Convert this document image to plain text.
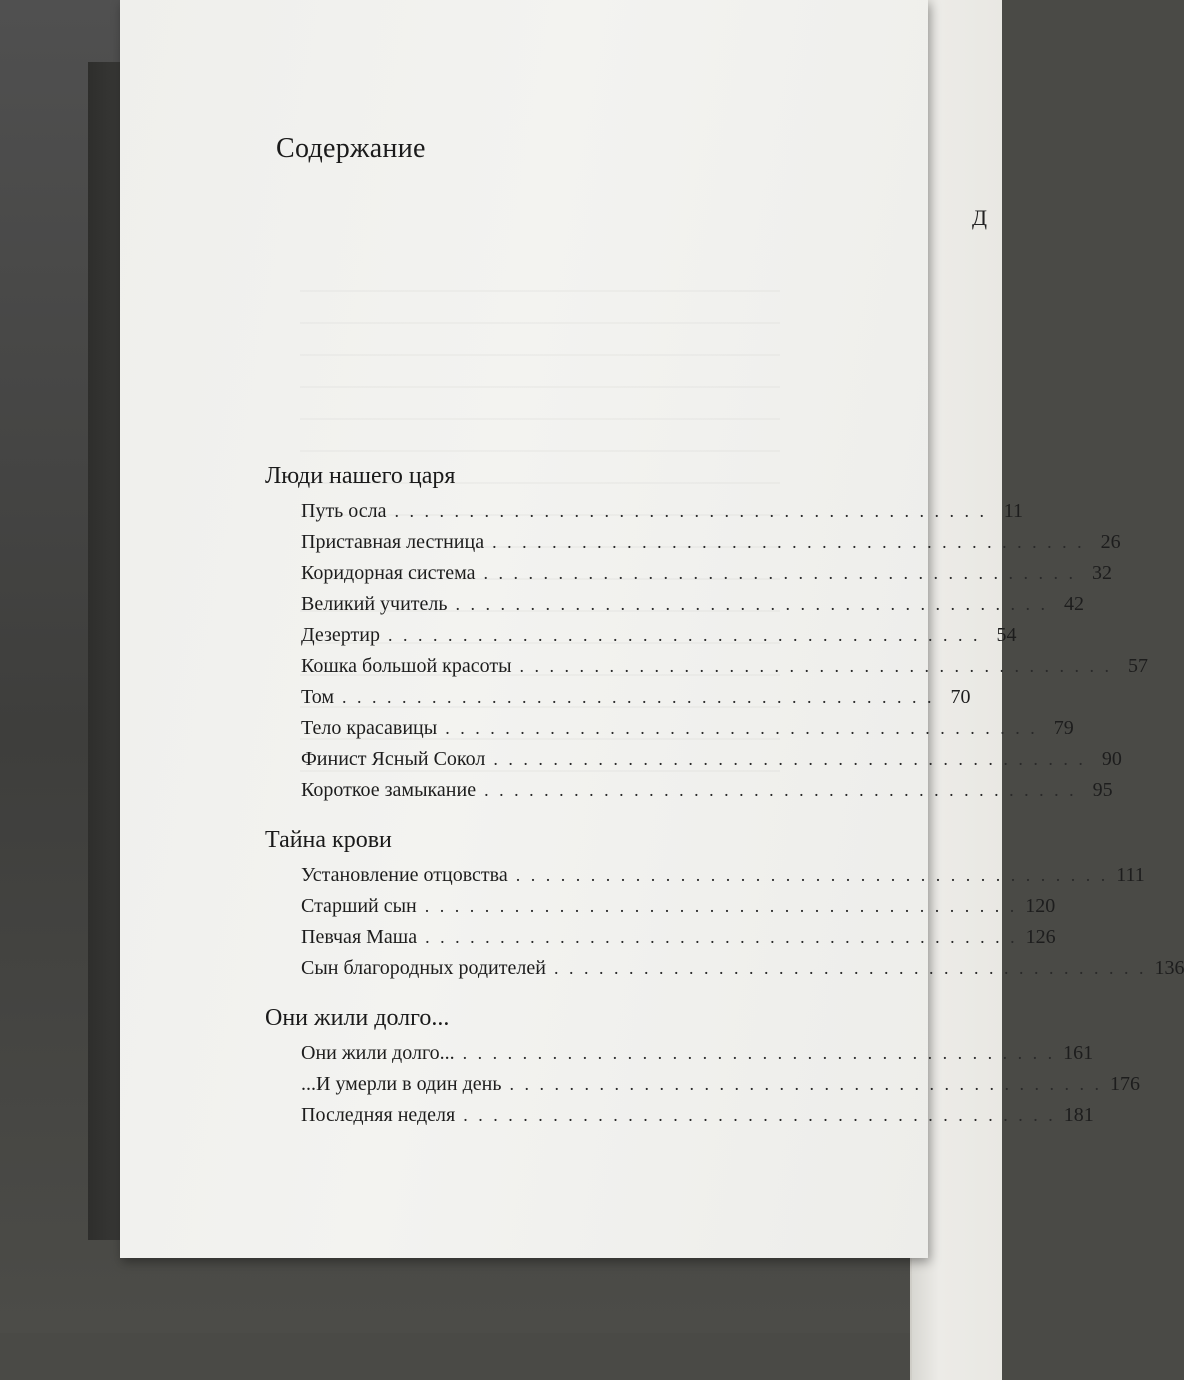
Д
Содержание
Люди нашего царя
Путь осла . . . . . . . . . . . . . . . . . . . . . . . . . . . . . . . . . . . . . . . . 11
Приставная лестница . . . . . . . . . . . . . . . . . . . . . . . . . . . . . . . . . . . . . . . . 26
Коридорная система . . . . . . . . . . . . . . . . . . . . . . . . . . . . . . . . . . . . . . . . 32
Великий учитель . . . . . . . . . . . . . . . . . . . . . . . . . . . . . . . . . . . . . . . . 42
Дезертир . . . . . . . . . . . . . . . . . . . . . . . . . . . . . . . . . . . . . . . . 54
Кошка большой красоты . . . . . . . . . . . . . . . . . . . . . . . . . . . . . . . . . . . . . . . . 57
Том . . . . . . . . . . . . . . . . . . . . . . . . . . . . . . . . . . . . . . . . 70
Тело красавицы . . . . . . . . . . . . . . . . . . . . . . . . . . . . . . . . . . . . . . . . 79
Финист Ясный Сокол . . . . . . . . . . . . . . . . . . . . . . . . . . . . . . . . . . . . . . . . 90
Короткое замыкание . . . . . . . . . . . . . . . . . . . . . . . . . . . . . . . . . . . . . . . . 95
Тайна крови
Установление отцовства . . . . . . . . . . . . . . . . . . . . . . . . . . . . . . . . . . . . . . . . 111
Старший сын . . . . . . . . . . . . . . . . . . . . . . . . . . . . . . . . . . . . . . . . 120
Певчая Маша . . . . . . . . . . . . . . . . . . . . . . . . . . . . . . . . . . . . . . . . 126
Сын благородных родителей . . . . . . . . . . . . . . . . . . . . . . . . . . . . . . . . . . . . . . . . 136
Они жили долго...
Они жили долго... . . . . . . . . . . . . . . . . . . . . . . . . . . . . . . . . . . . . . . . . 161
...И умерли в один день . . . . . . . . . . . . . . . . . . . . . . . . . . . . . . . . . . . . . . . . 176
Последняя неделя . . . . . . . . . . . . . . . . . . . . . . . . . . . . . . . . . . . . . . . . 181
